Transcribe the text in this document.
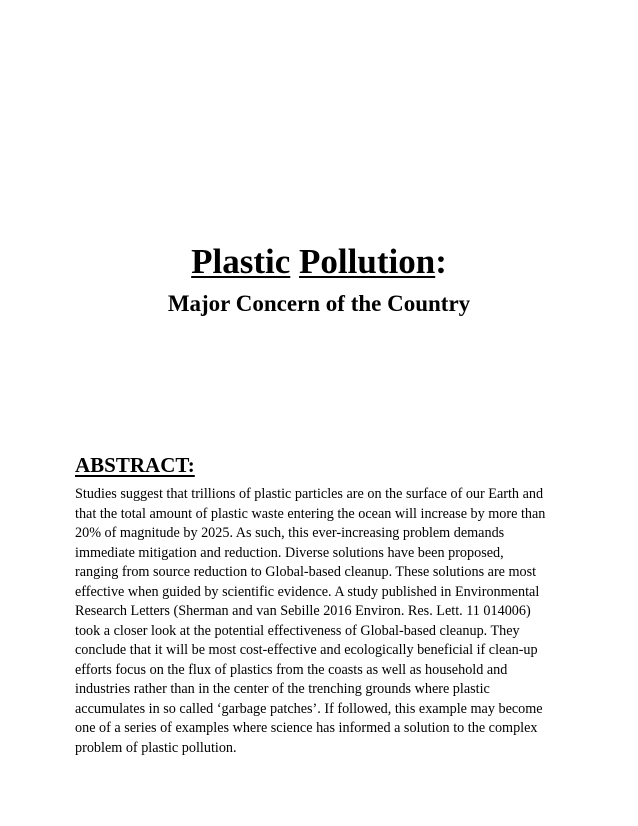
Plastic Pollution:
Major Concern of the Country
ABSTRACT:
Studies suggest that trillions of plastic particles are on the surface of our Earth and
that the total amount of plastic waste entering the ocean will increase by more than
20% of magnitude by 2025. As such, this ever-increasing problem demands
immediate mitigation and reduction. Diverse solutions have been proposed,
ranging from source reduction to Global-based cleanup. These solutions are most
effective when guided by scientific evidence. A study published in Environmental
Research Letters (Sherman and van Sebille 2016 Environ. Res. Lett. 11 014006)
took a closer look at the potential effectiveness of Global-based cleanup. They
conclude that it will be most cost-effective and ecologically beneficial if clean-up
efforts focus on the flux of plastics from the coasts as well as household and
industries rather than in the center of the trenching grounds where plastic
accumulates in so called ‘garbage patches’. If followed, this example may become
one of a series of examples where science has informed a solution to the complex
problem of plastic pollution.
